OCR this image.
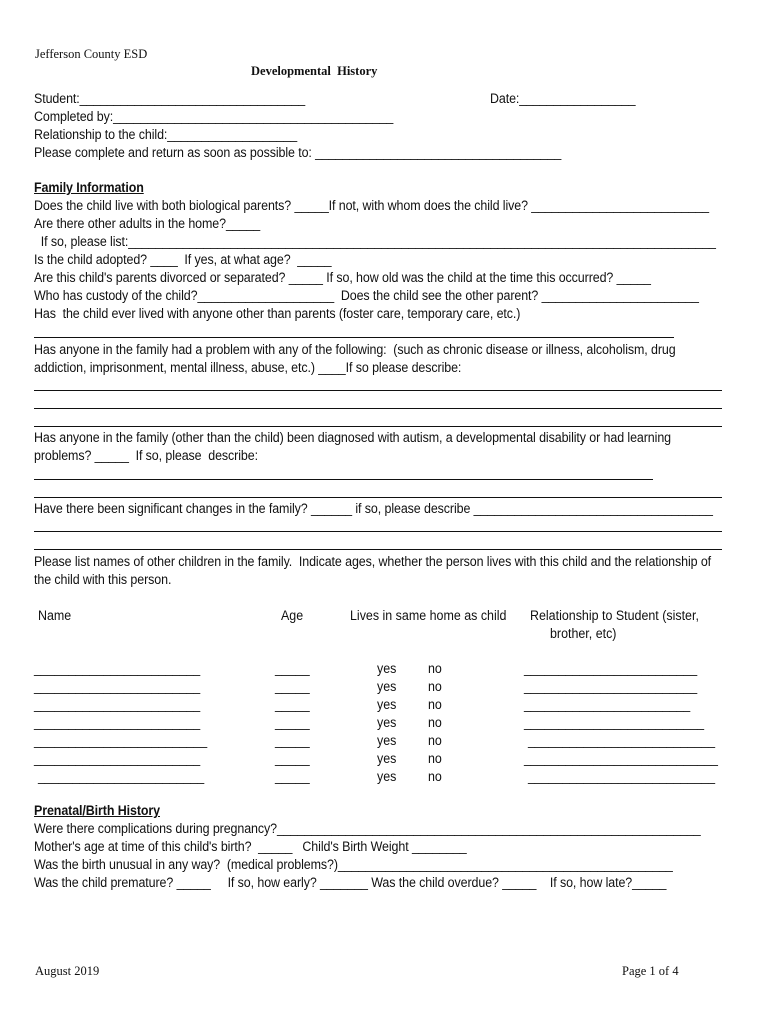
Jefferson County ESD
Developmental  History
Student:_________________________________	Date:_________________
Completed by:_________________________________________
Relationship to the child:___________________
Please complete and return as soon as possible to: ____________________________________
Family Information
Does the child live with both biological parents? _____If not, with whom does the child live? __________________________
Are there other adults in the home?_____
If so, please list:______________________________________________________________________________________
Is the child adopted? ____  If yes, at what age?  _____
Are this child's parents divorced or separated? _____ If so, how old was the child at the time this occurred? _____
Who has custody of the child?____________________  Does the child see the other parent? _______________________
Has  the child ever lived with anyone other than parents (foster care, temporary care, etc.)
Has anyone in the family had a problem with any of the following:  (such as chronic disease or illness, alcoholism, drug
addiction, imprisonment, mental illness, abuse, etc.) ____If so please describe:
Has anyone in the family (other than the child) been diagnosed with autism, a developmental disability or had learning
problems? _____  If so, please  describe:
Have there been significant changes in the family? ______ if so, please describe ___________________________________
Please list names of other children in the family.  Indicate ages, whether the person lives with this child and the relationship of
the child with this person.
Name	Age	Lives in same home as child Relationship to Student (sister,
brother, etc)
________________________	_____	yes no	_________________________
________________________	_____	yes no	_________________________
________________________	_____	yes no	________________________
________________________	_____	yes no	__________________________
_________________________	_____	yes no	___________________________
________________________	_____	yes no	____________________________
________________________	_____	yes no	___________________________
Prenatal/Birth History
Were there complications during pregnancy?______________________________________________________________
Mother's age at time of this child's birth?  _____   Child's Birth Weight ________
Was the birth unusual in any way?  (medical problems?)_________________________________________________
Was the child premature? _____     If so, how early? _______ Was the child overdue? _____    If so, how late?_____
August 2019	Page 1 of 4
